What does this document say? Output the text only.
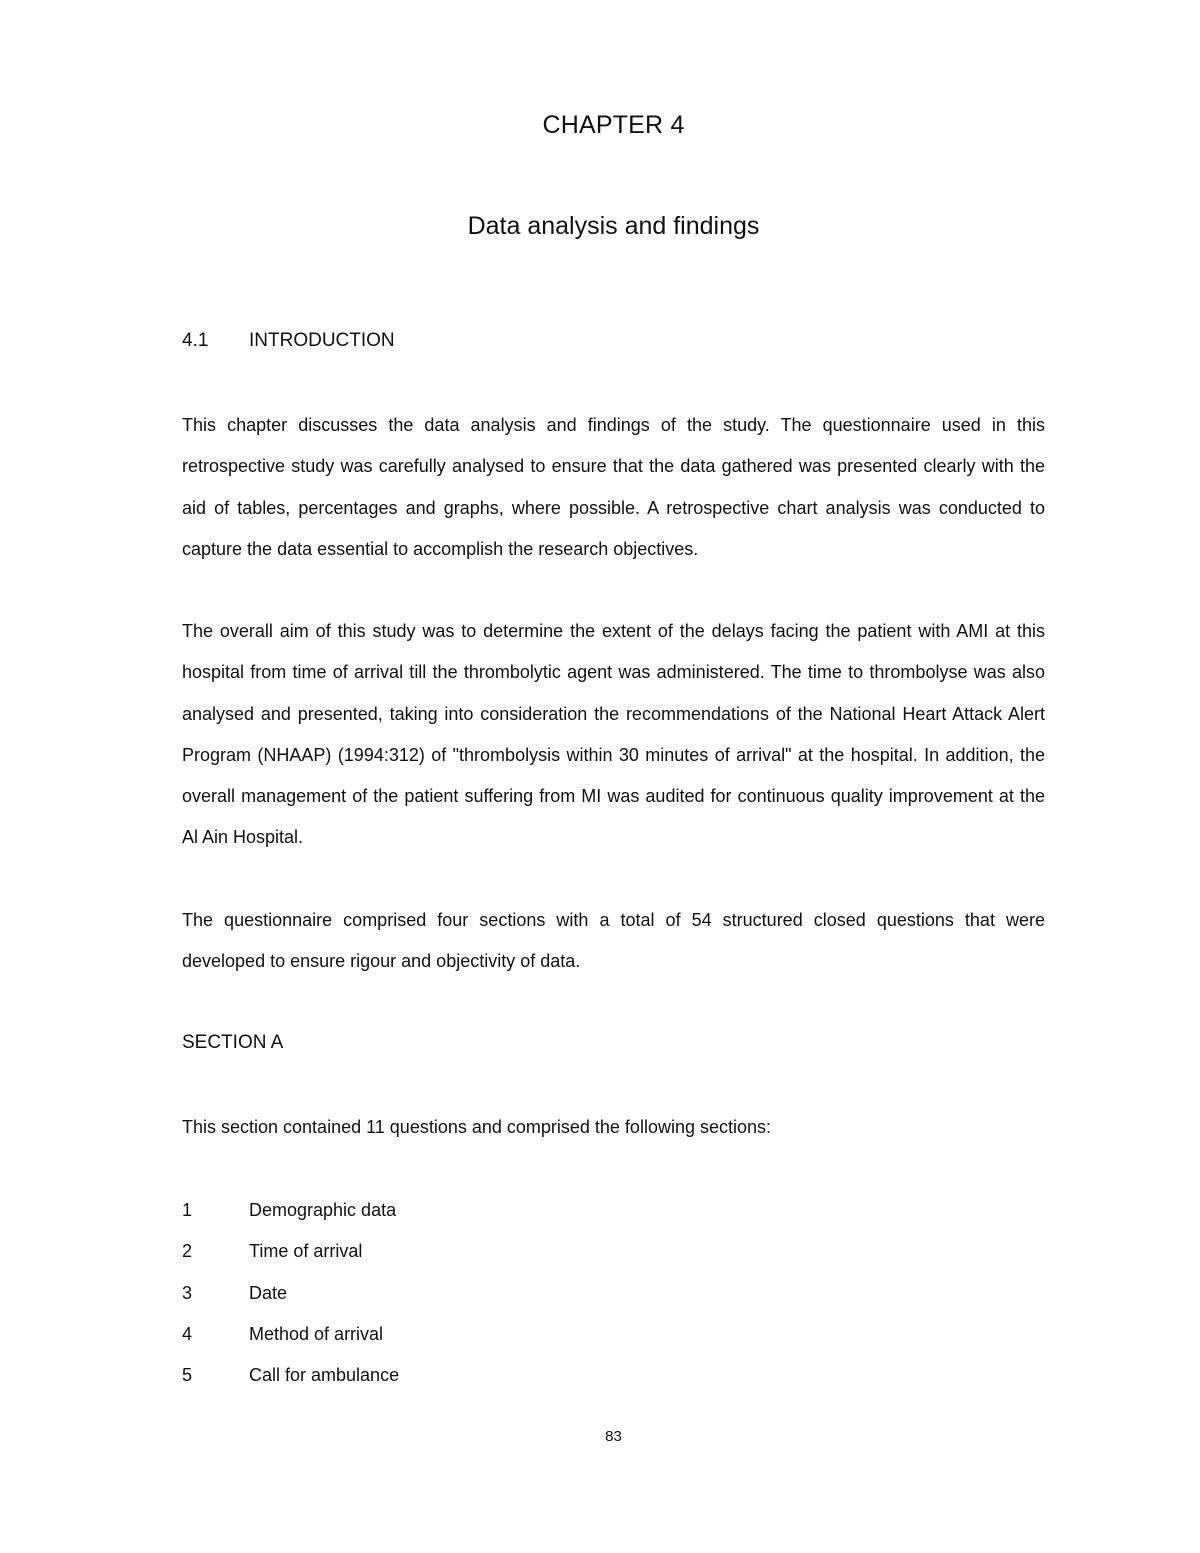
CHAPTER 4
Data analysis and findings
4.1 INTRODUCTION

This chapter discusses the data analysis and findings of the study. The questionnaire used in this retrospective study was carefully analysed to ensure that the data gathered was presented clearly with the aid of tables, percentages and graphs, where possible. A retrospective chart analysis was conducted to capture the data essential to accomplish the research objectives.

The overall aim of this study was to determine the extent of the delays facing the patient with AMI at this hospital from time of arrival till the thrombolytic agent was administered. The time to thrombolyse was also analysed and presented, taking into consideration the recommendations of the National Heart Attack Alert Program (NHAAP) (1994:312) of "thrombolysis within 30 minutes of arrival" at the hospital. In addition, the overall management of the patient suffering from MI was audited for continuous quality improvement at the Al Ain Hospital.

The questionnaire comprised four sections with a total of 54 structured closed questions that were developed to ensure rigour and objectivity of data.

SECTION A

This section contained 11 questions and comprised the following sections:

1	Demographic data
2	Time of arrival
3	Date
4	Method of arrival
5	Call for ambulance
83
